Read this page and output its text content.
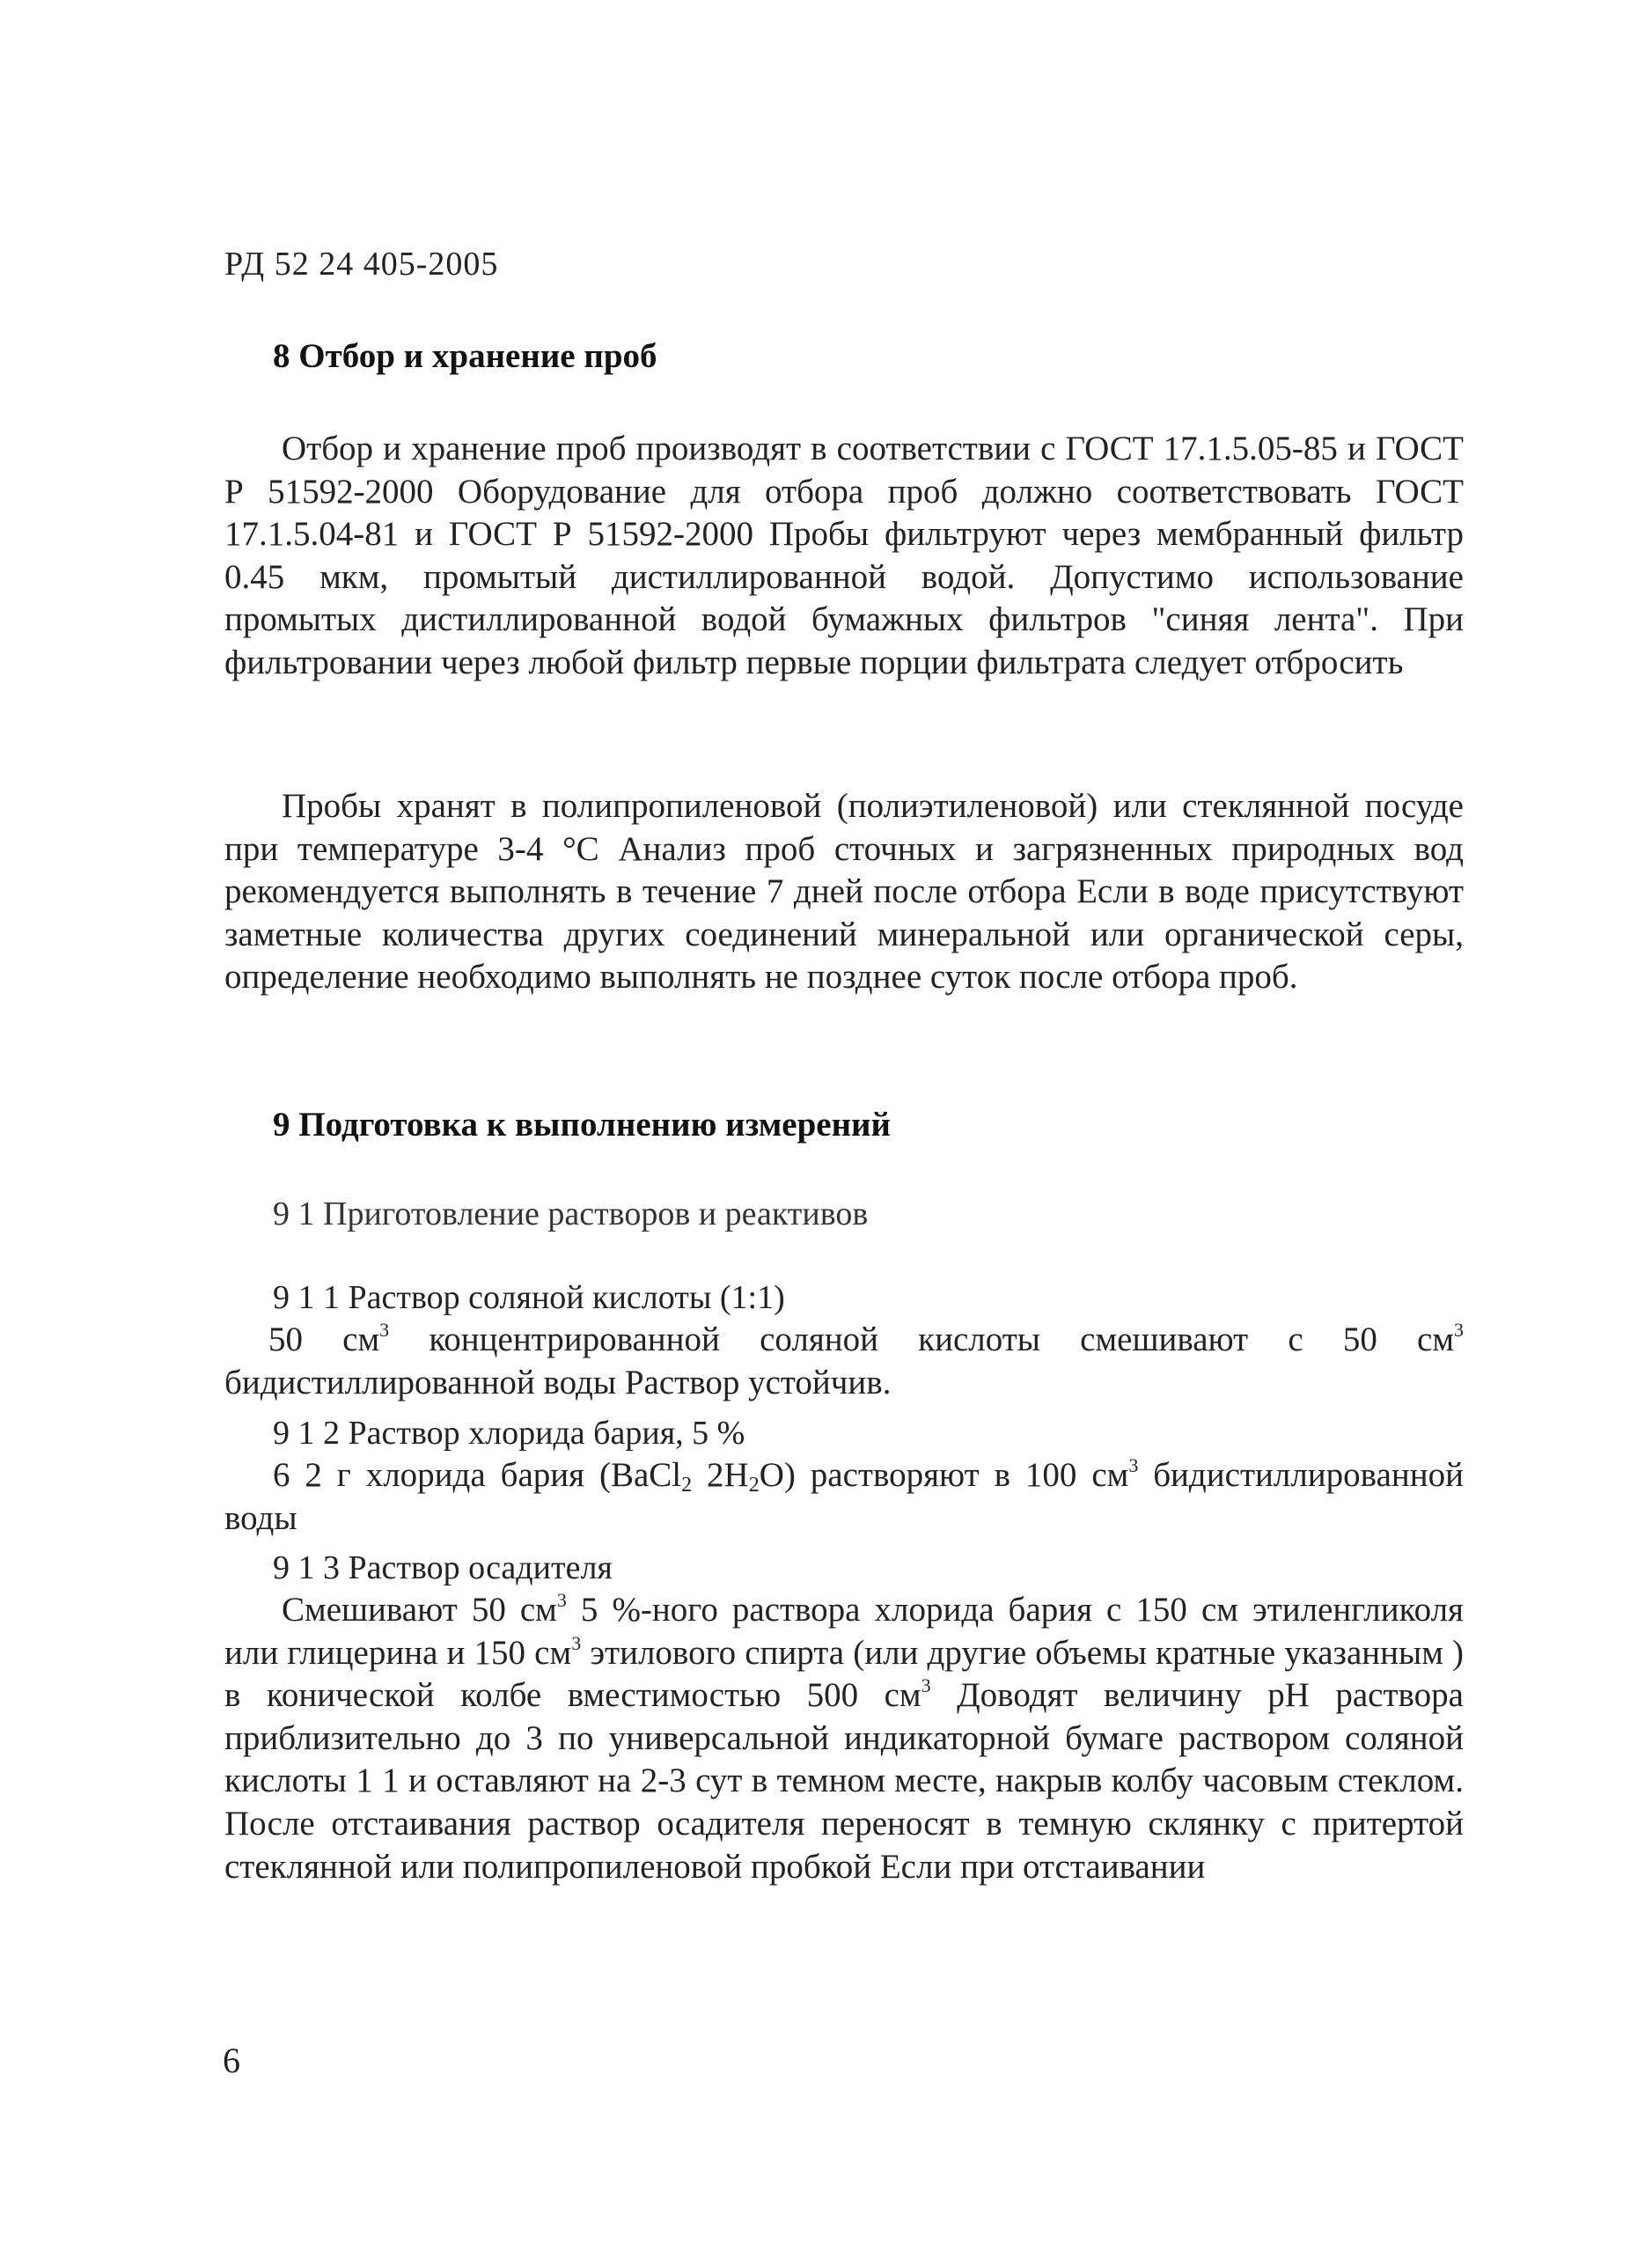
РД 52 24 405-2005
8 Отбор и хранение проб

Отбор и хранение проб производят в соответствии с ГОСТ 17.1.5.05-85 и ГОСТ Р 51592-2000 Оборудование для отбора проб должно соответствовать ГОСТ 17.1.5.04-81 и ГОСТ Р 51592-2000 Пробы фильтруют через мембранный фильтр 0.45 мкм, промытый дистиллированной водой. Допустимо использование промытых дистиллированной водой бумажных фильтров "синяя лента". При фильтровании через любой фильтр первые порции фильтрата следует отбросить

Пробы хранят в полипропиленовой (полиэтиленовой) или стеклянной посуде при температуре 3-4 °С Анализ проб сточных и загрязненных природных вод рекомендуется выполнять в течение 7 дней после отбора Если в воде присутствуют заметные количества других соединений минеральной или органической серы, определение необходимо выполнять не позднее суток после отбора проб.

9 Подготовка к выполнению измерений
9 1 Приготовление растворов и реактивов
9 1 1 Раствор соляной кислоты (1:1)

50 $см^3$ концентрированной соляной кислоты смешивают с 50 $см^3$ бидистиллированной воды Раствор устойчив.

9 1 2 Раствор хлорида бария, 5 %

6 2 г хлорида бария (BaCl$_2$ $2H_2O$) растворяют в 100 $см^3$ бидистиллированной воды

9 1 3 Раствор осадителя

Смешивают 50 $см^3$ 5 %-ного раствора хлорида бария с 150 см этиленгликоля или глицерина и 150 $см^3$ этилового спирта (или другие объемы кратные указанным ) в конической колбе вместимостью 500 $см^3$ Доводят величину pH раствора приблизительно до 3 по универсальной индикаторной бумаге раствором соляной кислоты 1 1 и оставляют на 2-3 сут в темном месте, накрыв колбу часовым стеклом. После отстаивания раствор осадителя переносят в темную склянку с притертой стеклянной или полипропиленовой пробкой Если при отстаивании

6
